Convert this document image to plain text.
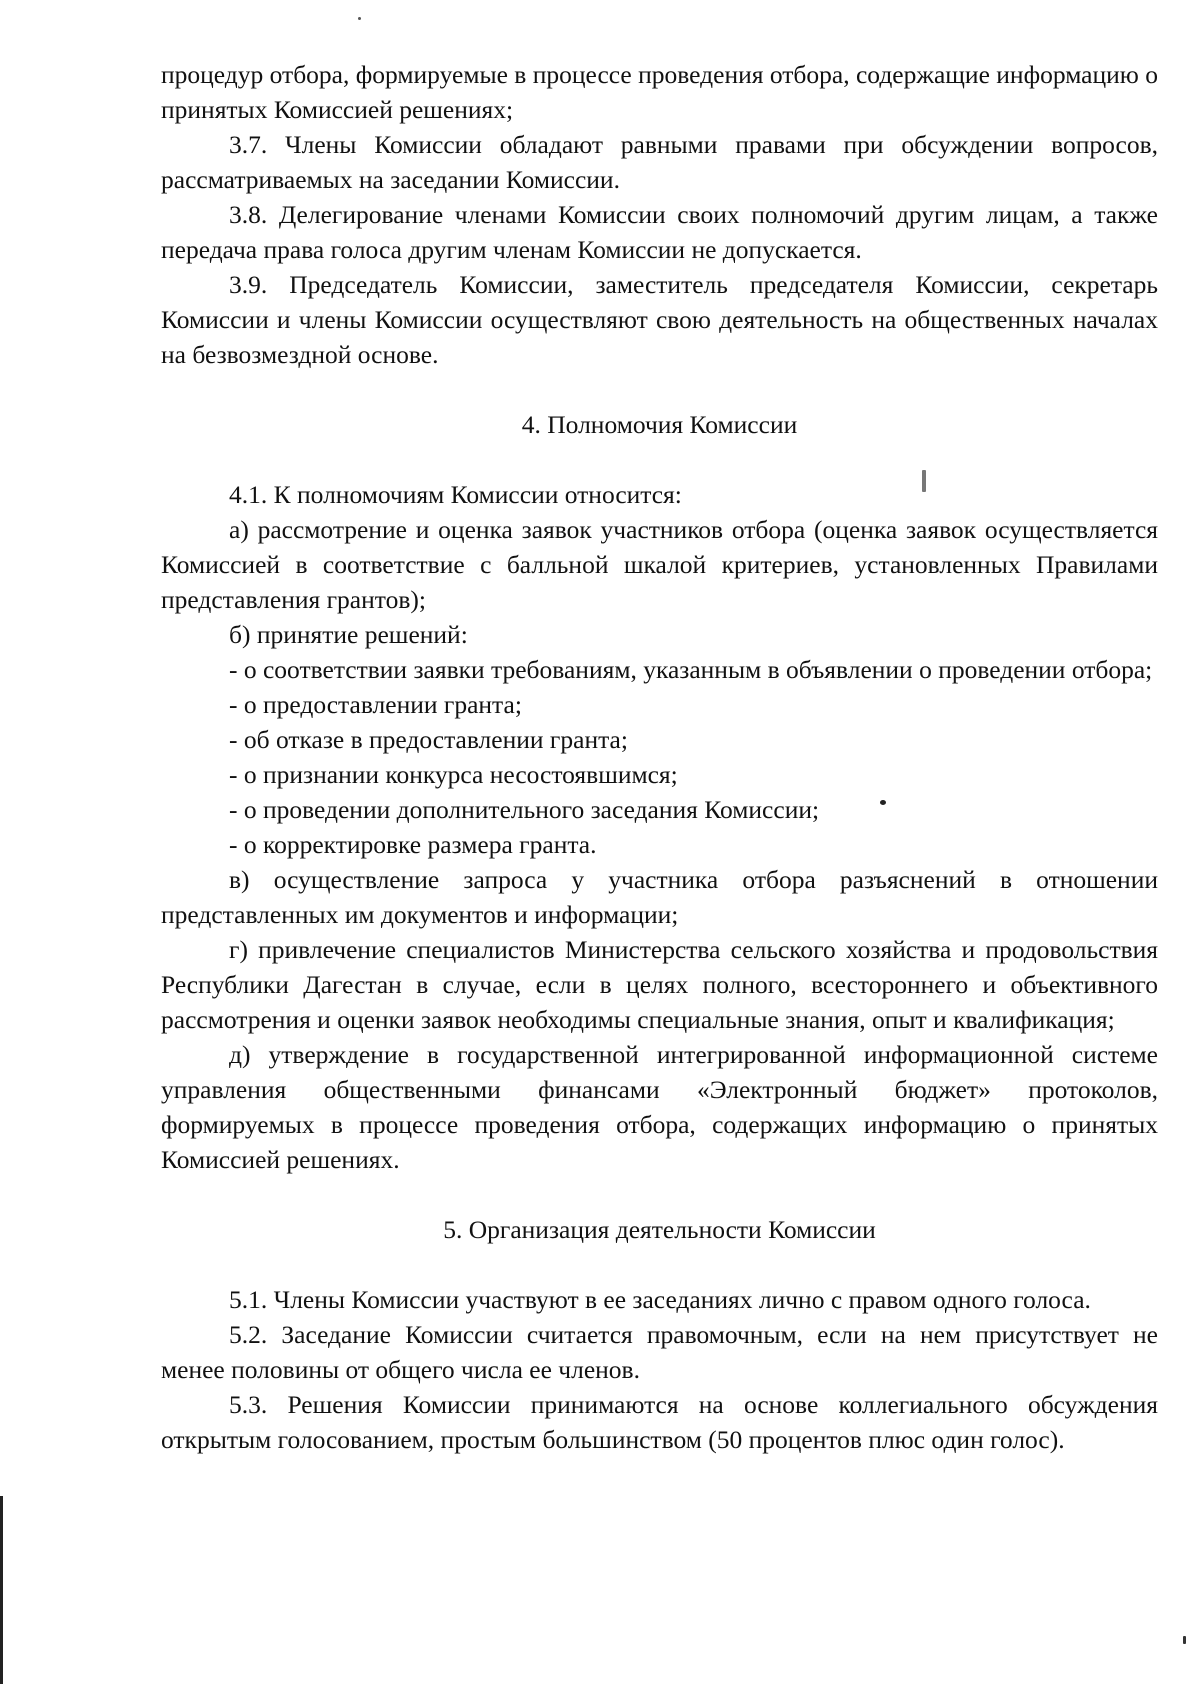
процедур отбора, формируемые в процессе проведения отбора, содержащие информацию о принятых Комиссией решениях;

3.7. Члены Комиссии обладают равными правами при обсуждении вопросов, рассматриваемых на заседании Комиссии.

3.8. Делегирование членами Комиссии своих полномочий другим лицам, а также передача права голоса другим членам Комиссии не допускается.

3.9. Председатель Комиссии, заместитель председателя Комиссии, секретарь Комиссии и члены Комиссии осуществляют свою деятельность на общественных началах на безвозмездной основе.

4. Полномочия Комиссии

4.1. К полномочиям Комиссии относится:

а) рассмотрение и оценка заявок участников отбора (оценка заявок осуществляется Комиссией в соответствие с балльной шкалой критериев, установленных Правилами представления грантов);

б) принятие решений:

- о соответствии заявки требованиям, указанным в объявлении о проведении отбора;

- о предоставлении гранта;

- об отказе в предоставлении гранта;

- о признании конкурса несостоявшимся;

- о проведении дополнительного заседания Комиссии;

- о корректировке размера гранта.

в) осуществление запроса у участника отбора разъяснений в отношении представленных им документов и информации;

г) привлечение специалистов Министерства сельского хозяйства и продовольствия Республики Дагестан в случае, если в целях полного, всестороннего и объективного рассмотрения и оценки заявок необходимы специальные знания, опыт и квалификация;

д) утверждение в государственной интегрированной информационной системе управления общественными финансами «Электронный бюджет» протоколов, формируемых в процессе проведения отбора, содержащих информацию о принятых Комиссией решениях.

5. Организация деятельности Комиссии

5.1. Члены Комиссии участвуют в ее заседаниях лично с правом одного голоса.

5.2. Заседание Комиссии считается правомочным, если на нем присутствует не менее половины от общего числа ее членов.

5.3. Решения Комиссии принимаются на основе коллегиального обсуждения открытым голосованием, простым большинством (50 процентов плюс один голос).
